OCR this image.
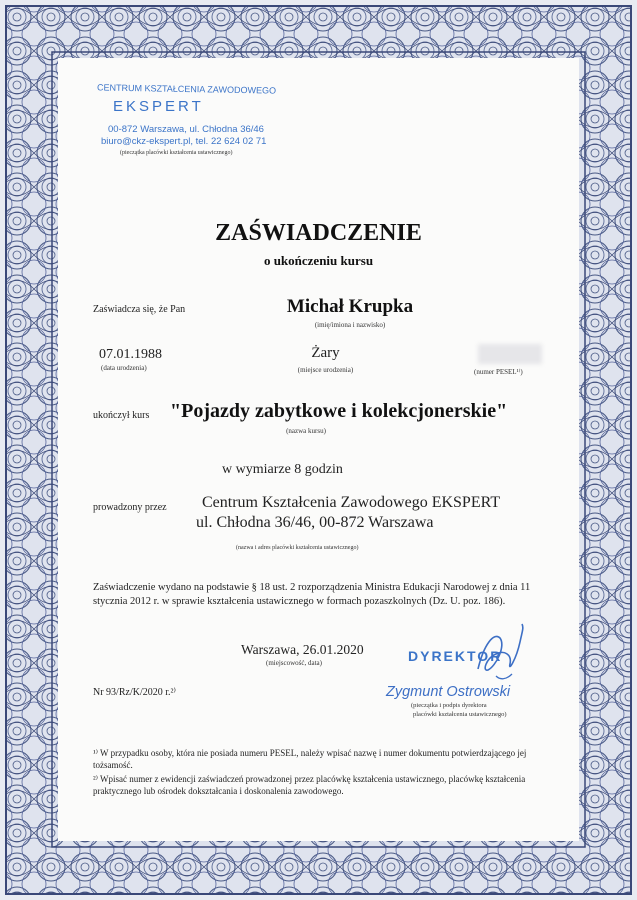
CENTRUM KSZTAŁCENIA ZAWODOWEGO
EKSPERT
00-872 Warszawa, ul. Chłodna 36/46
biuro@ckz-ekspert.pl, tel. 22 624 02 71
(pieczątka placówki kształcenia ustawicznego)
ZAŚWIADCZENIE
o ukończeniu kursu
Zaświadcza się, że Pan	Michał Krupka
(imię/imiona i nazwisko)
07.01.1988
(data urodzenia)
Żary
(miejsce urodzenia)	(numer PESEL¹⁾)
ukończył kurs "Pojazdy zabytkowe i kolekcjonerskie"
(nazwa kursu)
w wymiarze 8 godzin
prowadzony przez Centrum Kształcenia Zawodowego EKSPERT
ul. Chłodna 36/46, 00-872 Warszawa
(nazwa i adres placówki kształcenia ustawicznego)
Zaświadczenie wydano na podstawie § 18 ust. 2 rozporządzenia Ministra Edukacji Narodowej z dnia 11
stycznia 2012 r. w sprawie kształcenia ustawicznego w formach pozaszkolnych (Dz. U. poz. 186).
Warszawa, 26.01.2020
(miejscowość, data)
Nr 93/Rz/K/2020 r.²⁾
DYREKTOR
Zygmunt Ostrowski
(pieczątka i podpis dyrektora
placówki kształcenia ustawicznego)
¹⁾ W przypadku osoby, która nie posiada numeru PESEL, należy wpisać nazwę i numer dokumentu potwierdzającego jej
tożsamość.
²⁾ Wpisać numer z ewidencji zaświadczeń prowadzonej przez placówkę kształcenia ustawicznego, placówkę kształcenia
praktycznego lub ośrodek dokształcania i doskonalenia zawodowego.
